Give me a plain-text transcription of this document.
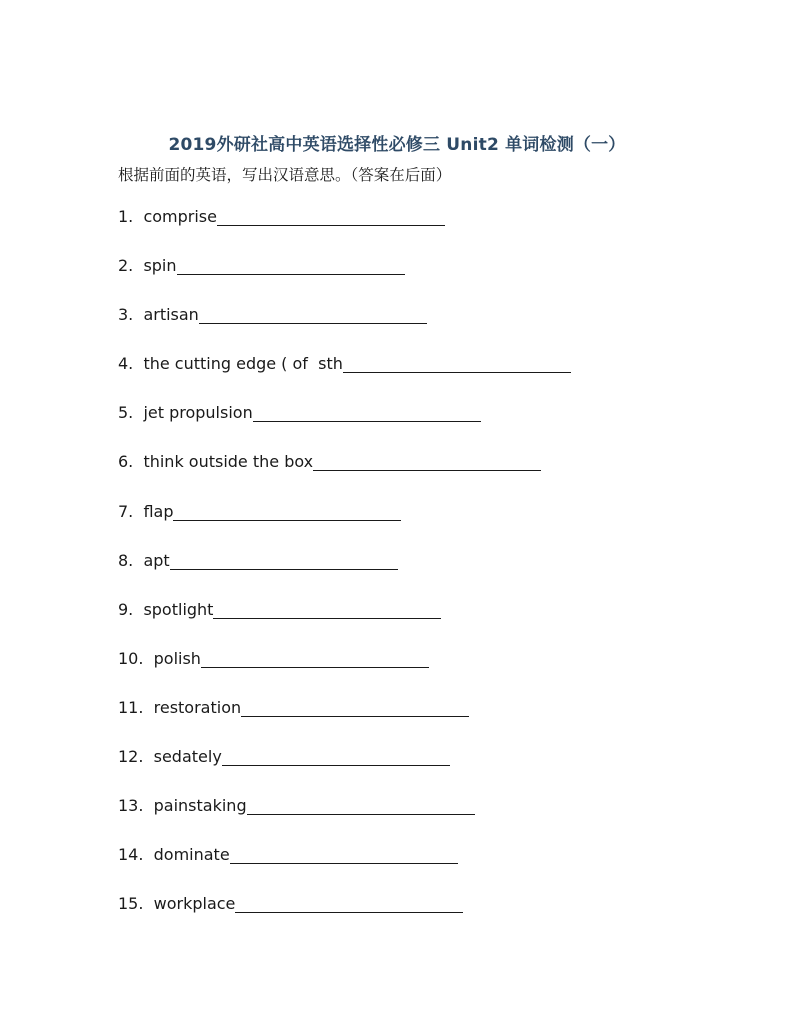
2019外研社高中英语选择性必修三 Unit2 单词检测（一）
根据前面的英语，写出汉语意思。（答案在后面）
1. comprise
2. spin
3. artisan
4. the cutting edge ( of  sth
5. jet propulsion
6. think outside the box
7. flap
8. apt
9. spotlight
10. polish
11. restoration
12. sedately
13. painstaking
14. dominate
15. workplace
